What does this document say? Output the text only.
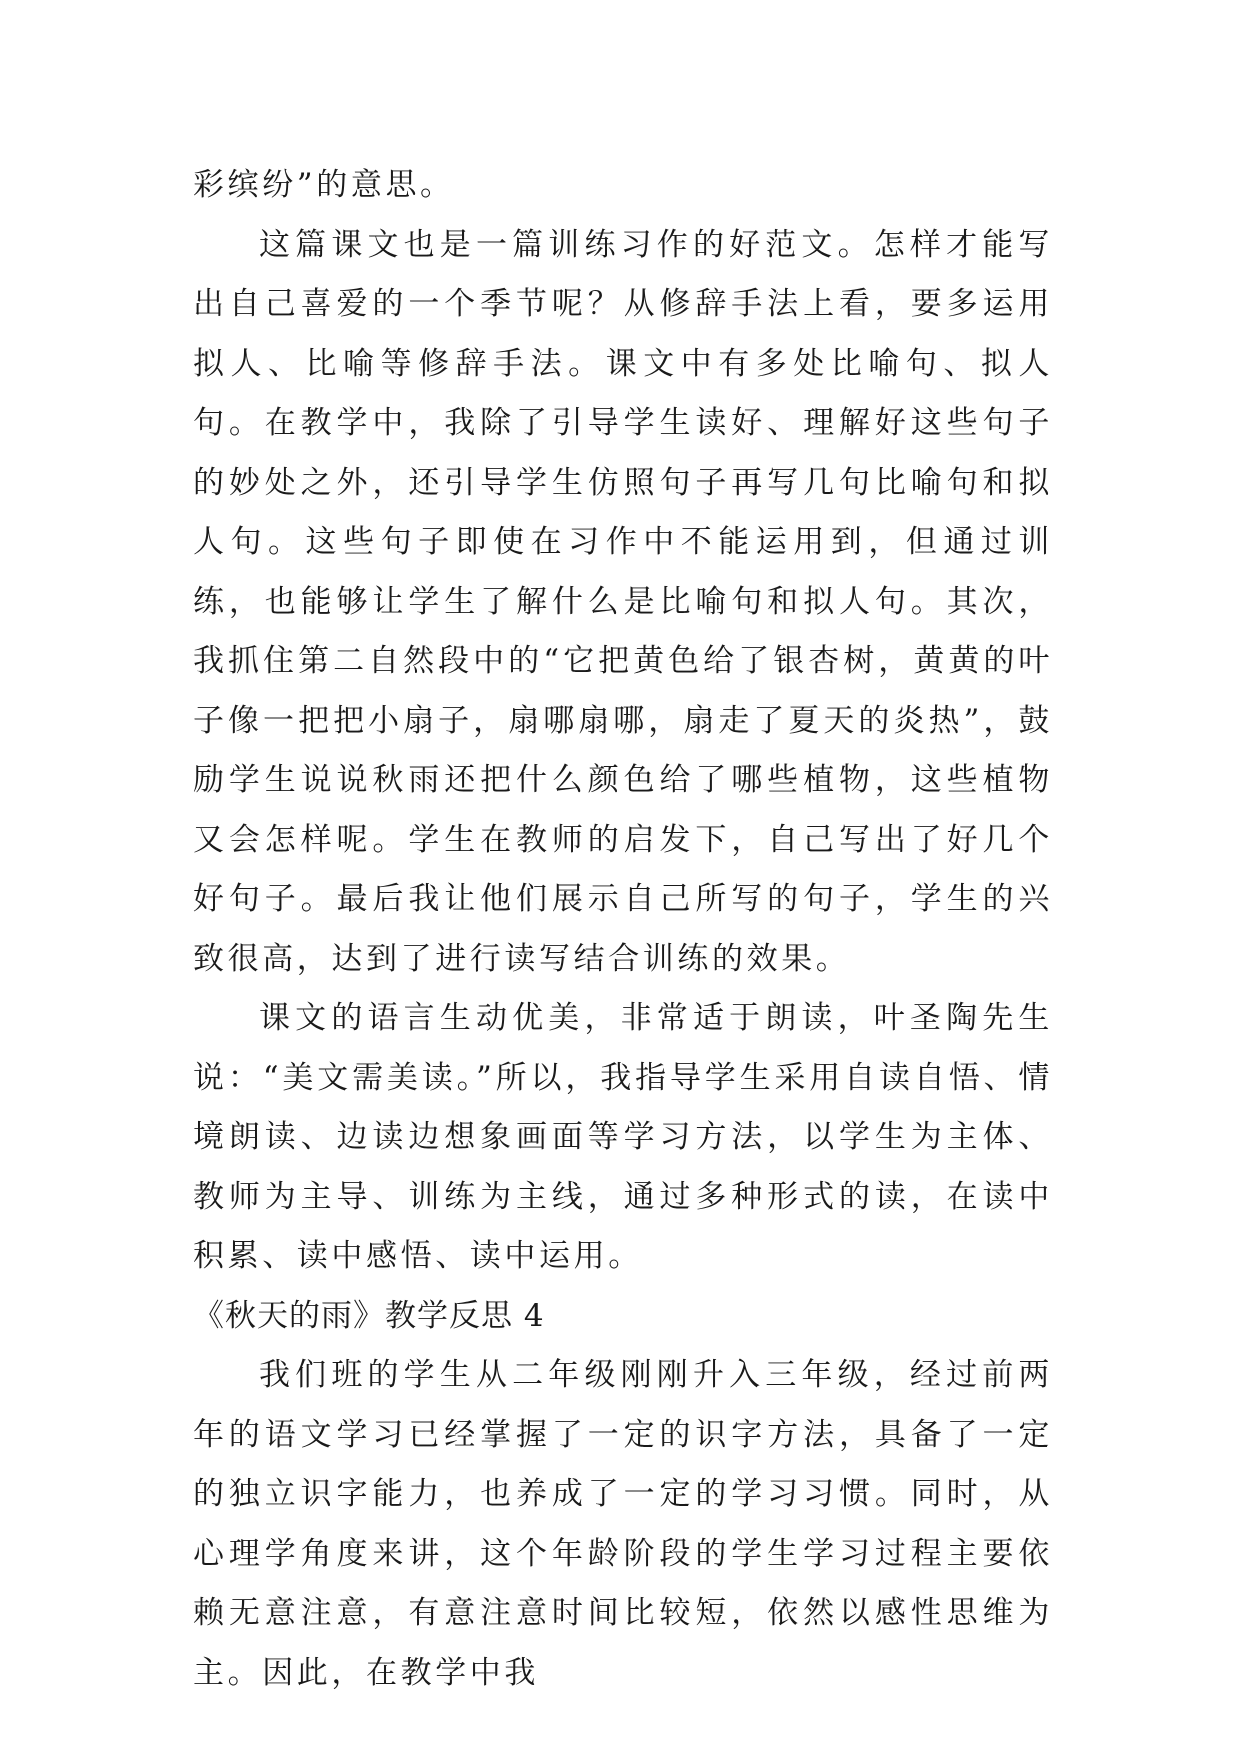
彩缤纷”的意思。

这篇课文也是一篇训练习作的好范文。怎样才能写出自己喜爱的一个季节呢？从修辞手法上看，要多运用拟人、比喻等修辞手法。课文中有多处比喻句、拟人句。在教学中，我除了引导学生读好、理解好这些句子的妙处之外，还引导学生仿照句子再写几句比喻句和拟人句。这些句子即使在习作中不能运用到，但通过训练，也能够让学生了解什么是比喻句和拟人句。其次，我抓住第二自然段中的“它把黄色给了银杏树，黄黄的叶子像一把把小扇子，扇哪扇哪，扇走了夏天的炎热”，鼓励学生说说秋雨还把什么颜色给了哪些植物，这些植物又会怎样呢。学生在教师的启发下，自己写出了好几个好句子。最后我让他们展示自己所写的句子，学生的兴致很高，达到了进行读写结合训练的效果。

课文的语言生动优美，非常适于朗读，叶圣陶先生说：“美文需美读。”所以，我指导学生采用自读自悟、情境朗读、边读边想象画面等学习方法，以学生为主体、教师为主导、训练为主线，通过多种形式的读，在读中积累、读中感悟、读中运用。

《秋天的雨》教学反思 4

我们班的学生从二年级刚刚升入三年级，经过前两年的语文学习已经掌握了一定的识字方法，具备了一定的独立识字能力，也养成了一定的学习习惯。同时，从心理学角度来讲，这个年龄阶段的学生学习过程主要依赖无意注意，有意注意时间比较短，依然以感性思维为主。因此，在教学中我
